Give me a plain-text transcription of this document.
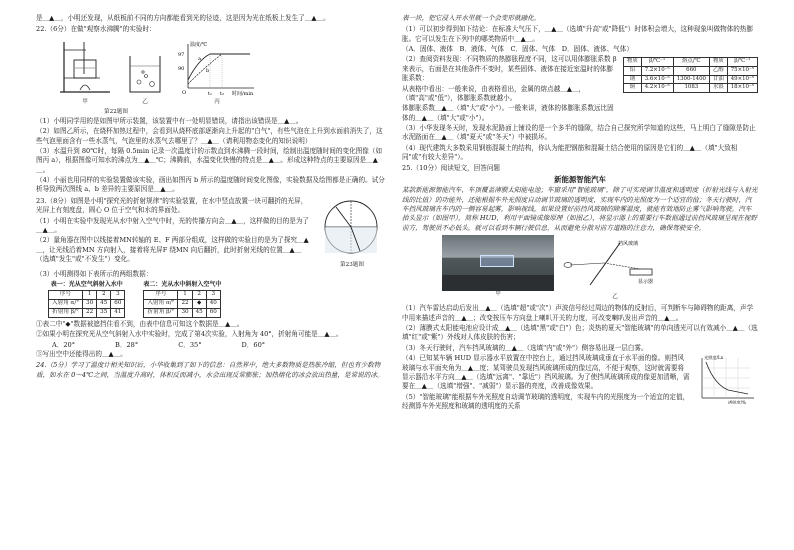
是＿▲＿，小明还发现，从纸板前不同的方向都能看到光的径迹，这是因为光在纸板上发生了＿▲＿。

22.（6分）在做"观察水沸腾"的实验时：

甲	乙
97
90
温度/℃
时间/min
t₁ t₂
a
b
O
丙
第22题图

（1）小明同学用的是如图甲所示装置，该装置中有一处明显错误，请指出该错误是＿▲＿。

（2）如图乙所示，在烧杯加热过程中，会看到从烧杯底部逐渐向上升起的"白气"，有些气泡在上升到水面前消失了，这些气泡里面含有一些水蒸气，气泡里的水蒸气去哪里了？＿▲＿（请利用物态变化的知识说明）

（3）水温升到 80℃时，每隔 0.5min 记录一次温度计的示数直到水沸腾一段时间，绘制出温度随时间的变化图像（如图丙 a），根据图像可知水的沸点为＿▲＿℃；沸腾前，水温变化快慢的特点是＿▲＿。形成这种特点的主要原因是＿▲＿。

（4）小丽也用同样的实验装置做该实验，画出如图丙 b 所示的温度随时间变化图像，实验数据及绘图都是正确的。试分析导致两次图线 a、b 差异的主要原因是＿▲＿。

23.（8分）如图是小明"探究光的折射规律"的实验装置，在水中竖直放置一块可翻折的光屏，光屏上有刻度盘，圆心 O 位于空气和水的界面处。

（1）小明在实验中发现光从水中射入空气中时，光的传播方向会＿▲＿，这样做的目的是为了＿▲＿。

（2）量角器在图中以线接着MN转轴的 E、F 两部分组成，这样做的实验目的是为了探究＿▲＿，让光线沿着MN 方向射入，接着将光屏F 绕MN 向后翻折，此时折射光线的位置＿▲＿（选填"发生"或"不发生"）变化。

第23题图

（3）小明测得如下表所示的两组数据：

表一：光从空气斜射入水中
序号	1	2	3
入射角 α/°	30	45	60
折射角 β/°	22	35	41
表二：光从水中斜射入空气中
序号	1	2	3
入射角 α/°	22	◆	40
折射角 β/°	30	45	60

①表二中"◆"数据被遮挡住看不到，由表中信息可知这个数据是＿▲＿。

②如果小明在探究光从空气斜射入水中实验时，完成了第4次实验，入射角为 40°，折射角可能是＿▲＿。

A．20°	B．28°	C．35°	D．60°

③写出空中还能得出的＿▲＿。

24.（5分）学习了温度计相关知识后，小华收集到了如下的信息：自然界中，绝大多数物质是热胀冷缩，但也有少数物质，如水在 0～4℃之间，当温度升高时，体积反而减小，水会出现反常膨胀；加热熔化的冰会放出热量，是常说的冰。

表一块，把它浸入开水里就一个会变形就融化。

（1）可以初步得到如下结论：在标准大气压下，＿▲＿（选填"升高"或"降低"）时体积会增大，这种现象叫做物体的热膨胀。它可以发生在下列中的哪类物质中＿▲＿。

（A．固体、液体　B．液体、气体　C．固体、气体　D．固体、液体、气体）

（2）查阅资料发现：不同物质的热膨胀程度不同，这可以用体膨胀系数 β 来表示，右面是在其他条件不变时，某些固体、液体在接近室温时的体膨胀系数：

从表格中看出：一般来说，由表格看出，金属的熔点越＿▲＿，（填"高"或"低"），体膨胀系数就越小。

体膨胀系数＿▲＿（填"大"或"小"）。一般来讲，液体的体膨胀系数远比固体的＿▲＿（填"大"或"小"）。

物质	β/℃⁻¹	熔点/℃	物质	β/℃⁻¹
铝	7.2×10⁻⁵	660	乙醇	75×10⁻⁵
钢	3.6×10⁻⁵	1300-1400	甘油	49×10⁻⁵
铜	4.2×10⁻⁵	1083	水银	18×10⁻⁵

（3）小华发现冬天时，发现水泥路面上铺设的是一个多半的缝隙，结合自己探究所学知道的这些，马上明白了缝隙是防止水泥路面在＿▲＿（填"夏天"或"冬天"）中被损坏。

（4）现代建筑大多数采用钢筋混凝土的结构，你认为能把钢筋和混凝土结合使用的原因是它们的＿▲＿（填"大致相同"或"有较大差异"）。

25.（10分）阅读短文，回答问题

新能源智能汽车

某款新能源智能汽车，车顶覆盖薄膜太阳能电池；车窗采用"智能玻璃"，除了可实现调节温度和透明度（折射光线与入射光线的比值）的功能外，还能根据车外光照度自动调节玻璃的透明度，实现车内的光照度为一个适宜的值；冬天行驶时，汽车挡风玻璃在车内的一侧容易起雾，影响视线，如果设置好前挡风玻璃的除雾温度，就能有效地防止雾气影响驾驶。汽车抬头显示（如图甲），简称 HUD，利用平面镜成像原理（如图乙），将显示器上的重要行车数据通过前挡风玻璃呈现在视野前方，驾驶员不必低头，就可以看到车辆行驶信息，从而避免分散对前方道路的注意力，确保驾驶安全。

甲
挡风玻璃
显示器
乙

（1）汽车雷达启动后发出＿▲＿（选填"超"或"次"）声波信号经过周边的物体的反射后，可判断车与障碍物的距离，声学中用来描述声音的＿▲＿；改变按压车方向盘上喇叭开关的力度，可改变喇叭发出声音的＿▲＿。

（2）薄膜式太阳能电池应设计成＿▲＿（选填"黑"或"白"）色；炎热的夏天"智能玻璃"的单向透光可以有效减小＿▲＿（选填"红"或"紫"）外线对人体皮肤的伤害；

（3）冬天行驶时，汽车挡风玻璃的＿▲＿（选填"内"或"外"）侧容易出现一层白雾。

（4）已知某车辆 HUD 显示器水平放置在中控台上，通过挡风玻璃成垂直于水平面的像。则挡风玻璃与水平面夹角为＿▲＿度；某驾驶员发现挡风玻璃所成的像过高，不便于观察，这时就需要将显示器沿水平方向＿▲＿（选填"远离"、"靠近"）挡风玻璃。为了使挡风玻璃所成的像更加清晰，需要在＿▲＿（选填"增强"、"减弱"）显示器的亮度，改善成像效果。

（5）"智能玻璃"能根据车外光照度自动调节玻璃的透明度，实现车内的光照度为一个适宜的定值，经测算车外光照度和玻璃的透明度的关系

光照度/Lx
透明度/%
